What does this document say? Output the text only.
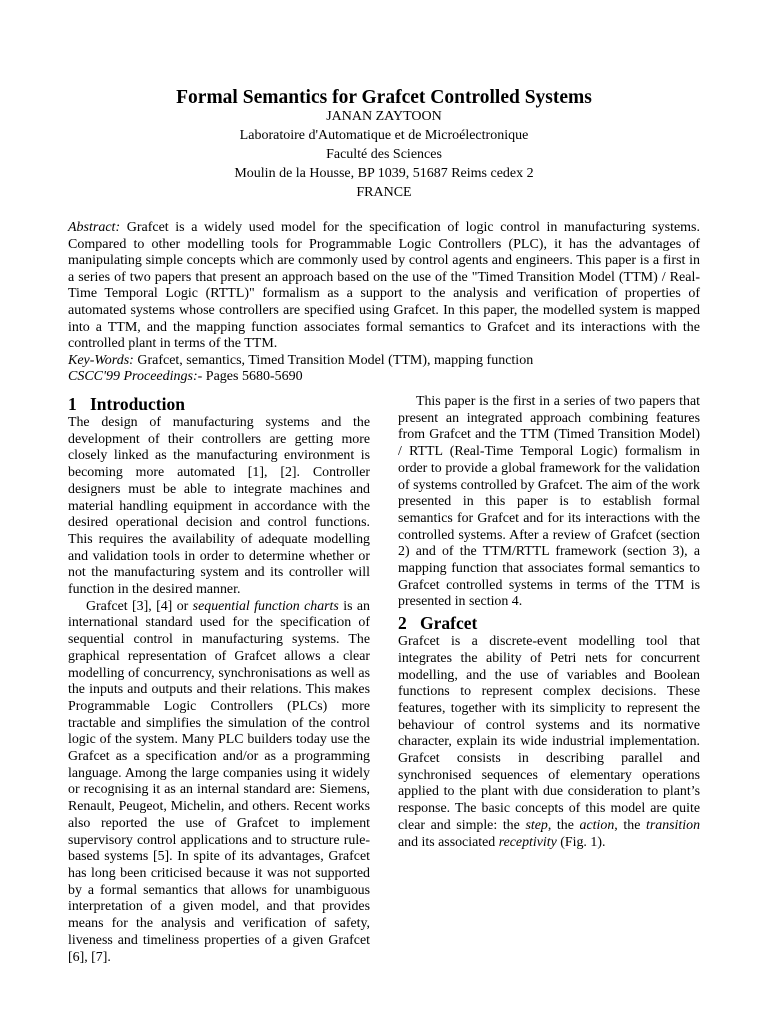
Formal Semantics for Grafcet Controlled Systems
JANAN ZAYTOON
Laboratoire d'Automatique et de Microélectronique
Faculté des Sciences
Moulin de la Housse, BP 1039, 51687 Reims cedex 2
FRANCE

Abstract: Grafcet is a widely used model for the specification of logic control in manufacturing systems. Compared to other modelling tools for Programmable Logic Controllers (PLC), it has the advantages of manipulating simple concepts which are commonly used by control agents and engineers. This paper is a first in a series of two papers that present an approach based on the use of the "Timed Transition Model (TTM) / Real-Time Temporal Logic (RTTL)" formalism as a support to the analysis and verification of properties of automated systems whose controllers are specified using Grafcet. In this paper, the modelled system is mapped into a TTM, and the mapping function associates formal semantics to Grafcet and its interactions with the controlled plant in terms of the TTM.

Key-Words: Grafcet, semantics, Timed Transition Model (TTM), mapping function

CSCC'99 Proceedings:- Pages 5680-5690

1 Introduction

The design of manufacturing systems and the development of their controllers are getting more closely linked as the manufacturing environment is becoming more automated [1], [2]. Controller designers must be able to integrate machines and material handling equipment in accordance with the desired operational decision and control functions. This requires the availability of adequate modelling and validation tools in order to determine whether or not the manufacturing system and its controller will function in the desired manner.

Grafcet [3], [4] or sequential function charts is an international standard used for the specification of sequential control in manufacturing systems. The graphical representation of Grafcet allows a clear modelling of concurrency, synchronisations as well as the inputs and outputs and their relations. This makes Programmable Logic Controllers (PLCs) more tractable and simplifies the simulation of the control logic of the system. Many PLC builders today use the Grafcet as a specification and/or as a programming language. Among the large companies using it widely or recognising it as an internal standard are: Siemens, Renault, Peugeot, Michelin, and others. Recent works also reported the use of Grafcet to implement supervisory control applications and to structure rule-based systems [5]. In spite of its advantages, Grafcet has long been criticised because it was not supported by a formal semantics that allows for unambiguous interpretation of a given model, and that provides means for the analysis and verification of safety, liveness and timeliness properties of a given Grafcet [6], [7].

This paper is the first in a series of two papers that present an integrated approach combining features from Grafcet and the TTM (Timed Transition Model) / RTTL (Real-Time Temporal Logic) formalism in order to provide a global framework for the validation of systems controlled by Grafcet. The aim of the work presented in this paper is to establish formal semantics for Grafcet and for its interactions with the controlled systems. After a review of Grafcet (section 2) and of the TTM/RTTL framework (section 3), a mapping function that associates formal semantics to Grafcet controlled systems in terms of the TTM is presented in section 4.

2 Grafcet

Grafcet is a discrete-event modelling tool that integrates the ability of Petri nets for concurrent modelling, and the use of variables and Boolean functions to represent complex decisions. These features, together with its simplicity to represent the behaviour of control systems and its normative character, explain its wide industrial implementation. Grafcet consists in describing parallel and synchronised sequences of elementary operations applied to the plant with due consideration to plant’s response. The basic concepts of this model are quite clear and simple: the step, the action, the transition and its associated receptivity (Fig. 1).
